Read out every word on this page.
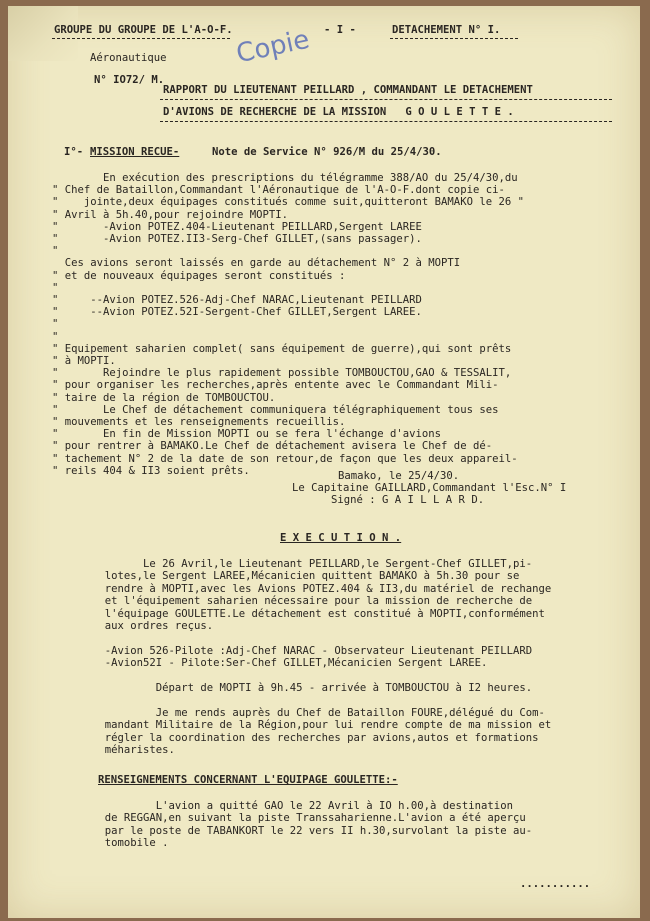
GROUPE DU GROUPE DE L'A-O-F.	- I -	DETACHEMENT N° I.
Aéronautique
N° IO72/ M.
RAPPORT DU LIEUTENANT PEILLARD , COMMANDANT LE DETACHEMENT
D'AVIONS DE RECHERCHE DE LA MISSION   G O U L E T T E .
Copie
I°- MISSION RECUE-	Note de Service N° 926/M du 25/4/30.
En exécution des prescriptions du télégramme 388/AO du 25/4/30,du
" Chef de Bataillon,Commandant l'Aéronautique de l'A-O-F.dont copie ci-
"    jointe,deux équipages constitués comme suit,quitteront BAMAKO le 26 "
" Avril à 5h.40,pour rejoindre MOPTI.
"       -Avion POTEZ.404-Lieutenant PEILLARD,Sergent LAREE
"       -Avion POTEZ.II3-Serg-Chef GILLET,(sans passager).
"
Ces avions seront laissés en garde au détachement N° 2 à MOPTI
" et de nouveaux équipages seront constitués :
"
"     --Avion POTEZ.526-Adj-Chef NARAC,Lieutenant PEILLARD
"     --Avion POTEZ.52I-Sergent-Chef GILLET,Sergent LAREE.
"
"
" Equipement saharien complet( sans équipement de guerre),qui sont prêts
" à MOPTI.
"       Rejoindre le plus rapidement possible TOMBOUCTOU,GAO & TESSALIT,
" pour organiser les recherches,après entente avec le Commandant Mili-
" taire de la région de TOMBOUCTOU.
"       Le Chef de détachement communiquera télégraphiquement tous ses
" mouvements et les renseignements recueillis.
"       En fin de Mission MOPTI ou se fera l'échange d'avions
" pour rentrer à BAMAKO.Le Chef de détachement avisera le Chef de dé-
" tachement N° 2 de la date de son retour,de façon que les deux appareil-
" reils 404 & II3 soient prêts.	Bamako, le 25/4/30.
Le Capitaine GAILLARD,Commandant l'Esc.N° I
Signé : G A I L L A R D.
E X E C U T I O N .
Le 26 Avril,le Lieutenant PEILLARD,le Sergent-Chef GILLET,pi-
lotes,le Sergent LAREE,Mécanicien quittent BAMAKO à 5h.30 pour se
rendre à MOPTI,avec les Avions POTEZ.404 & II3,du matériel de rechange
et l'équipement saharien nécessaire pour la mission de recherche de
l'équipage GOULETTE.Le détachement est constitué à MOPTI,conformément
aux ordres reçus.
-Avion 526-Pilote :Adj-Chef NARAC - Observateur Lieutenant PEILLARD
-Avion52I - Pilote:Ser-Chef GILLET,Mécanicien Sergent LAREE.
Départ de MOPTI à 9h.45 - arrivée à TOMBOUCTOU à I2 heures.
Je me rends auprès du Chef de Bataillon FOURE,délégué du Com-
mandant Militaire de la Région,pour lui rendre compte de ma mission et
régler la coordination des recherches par avions,autos et formations
méharistes.
RENSEIGNEMENTS CONCERNANT L'EQUIPAGE GOULETTE:-
L'avion a quitté GAO le 22 Avril à IO h.00,à destination
de REGGAN,en suivant la piste Transsaharienne.L'avion a été aperçu
par le poste de TABANKORT le 22 vers II h.30,survolant la piste au-
tomobile .
...........
